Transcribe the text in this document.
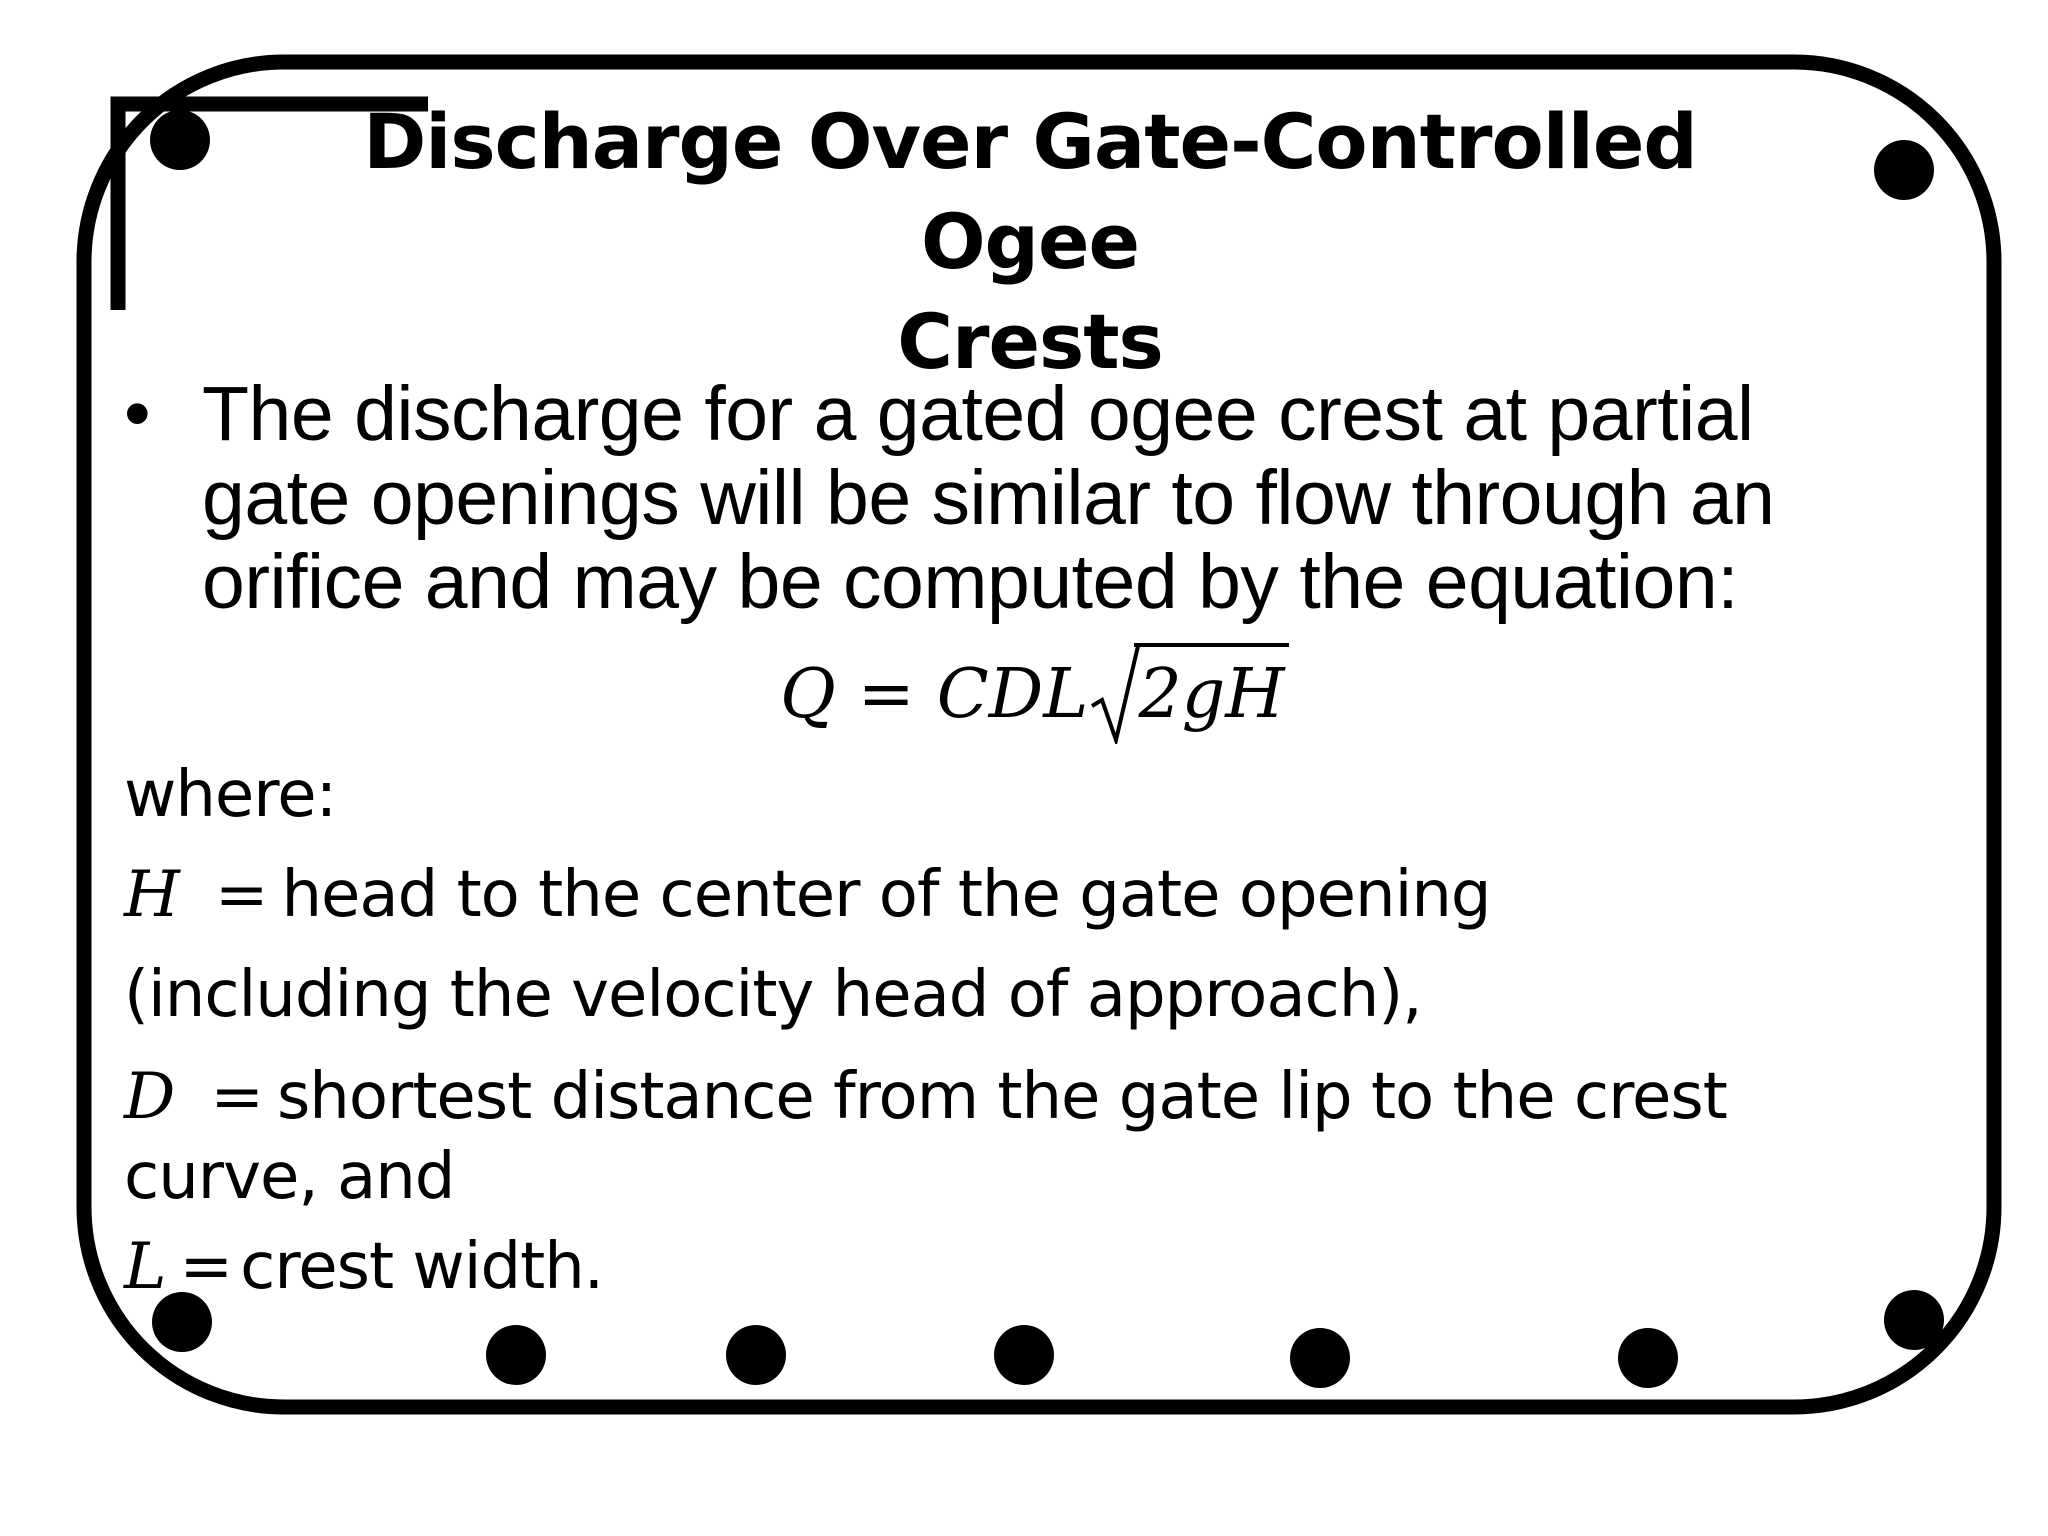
Discharge Over Gate-Controlled Ogee
Crests
• The discharge for a gated ogee crest at partial gate openings will be similar to flow through an orifice and may be computed by the equation:
Q = CDL 2gH
where:
H = head to the center of the gate opening
(including the velocity head of approach),
D = shortest distance from the gate lip to the crest
curve, and
L = crest width.
